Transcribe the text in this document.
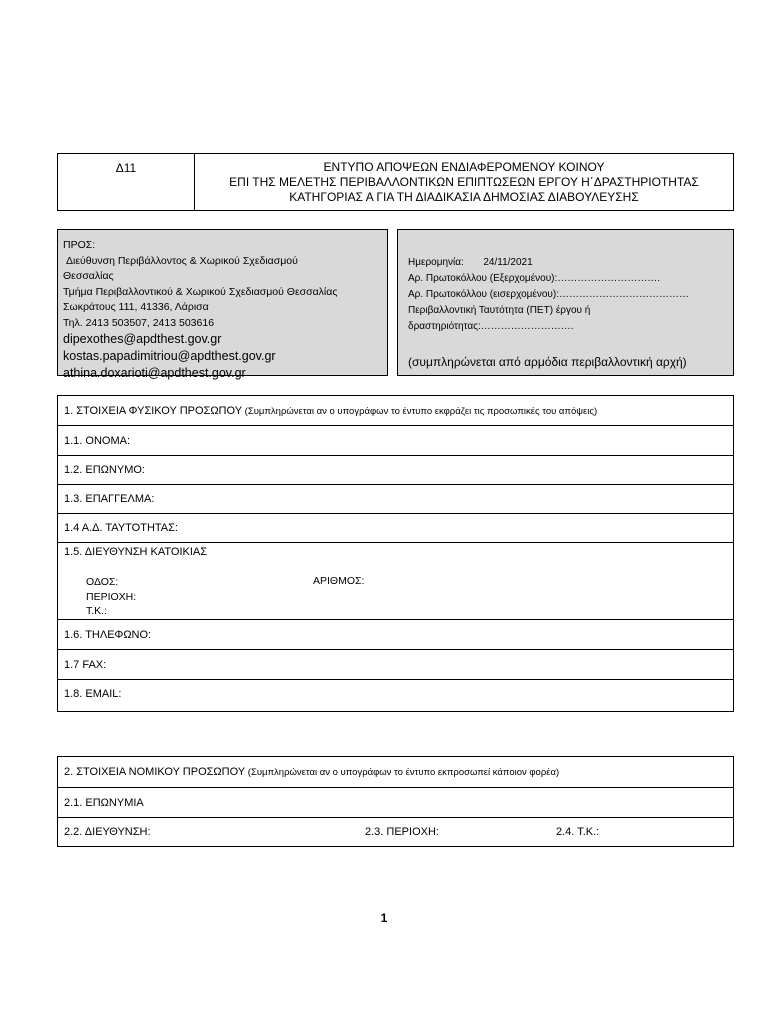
Δ11	ΕΝΤΥΠΟ ΑΠΟΨΕΩΝ ΕΝΔΙΑΦΕΡΟΜΕΝΟΥ ΚΟΙΝΟΥ
ΕΠΙ ΤΗΣ ΜΕΛΕΤΗΣ ΠΕΡΙΒΑΛΛΟΝΤΙΚΩΝ ΕΠΙΠΤΩΣΕΩΝ ΕΡΓΟΥ Η΄ΔΡΑΣΤΗΡΙΟΤΗΤΑΣ
ΚΑΤΗΓΟΡΙΑΣ Α ΓΙΑ ΤΗ ΔΙΑΔΙΚΑΣΙΑ ΔΗΜΟΣΙΑΣ ΔΙΑΒΟΥΛΕΥΣΗΣ
ΠΡΟΣ:
Διεύθυνση Περιβάλλοντος & Χωρικού Σχεδιασμού
Θεσσαλίας
Τμήμα Περιβαλλοντικού & Χωρικού Σχεδιασμού Θεσσαλίας
Σωκράτους 111, 41336, Λάρισα
Τηλ. 2413 503507, 2413 503616
dipexothes@apdthest.gov.gr
kostas.papadimitriou@apdthest.gov.gr
athina.doxarioti@apdthest.gov.gr
Ημερομηνία: 24/11/2021
Αρ. Πρωτοκόλλου (Εξερχομένου):………………………….
Αρ. Πρωτοκόλλου (εισερχομένου):…………………………………
Περιβαλλοντική Ταυτότητα (ΠΕΤ) έργου ή
δραστηριότητας:……………………….
(συμπληρώνεται από αρμόδια περιβαλλοντική αρχή)
1. ΣΤΟΙΧΕΙΑ ΦΥΣΙΚΟΥ ΠΡΟΣΩΠΟΥ (Συμπληρώνεται αν ο υπογράφων το έντυπο εκφράζει τις προσωπικές του απόψεις)
1.1. ΟΝΟΜΑ:
1.2. ΕΠΩΝΥΜΟ:
1.3. ΕΠΑΓΓΕΛΜΑ:
1.4 Α.Δ. ΤΑΥΤΟΤΗΤΑΣ:
1.5. ΔΙΕΥΘΥΝΣΗ ΚΑΤΟΙΚΙΑΣ
ΟΔΟΣ:
ΠΕΡΙΟΧΗ:
Τ.Κ.:
ΑΡΙΘΜΟΣ:
1.6. ΤΗΛΕΦΩΝΟ:
1.7 FAX:
1.8. EMAIL:
2. ΣΤΟΙΧΕΙΑ ΝΟΜΙΚΟΥ ΠΡΟΣΩΠΟΥ (Συμπληρώνεται αν ο υπογράφων το έντυπο εκπροσωπεί κάποιον φορέα)
2.1. ΕΠΩΝΥΜΙΑ
2.2. ΔΙΕΥΘΥΝΣΗ:	2.3. ΠΕΡΙΟΧΗ:	2.4. Τ.Κ.:
1
